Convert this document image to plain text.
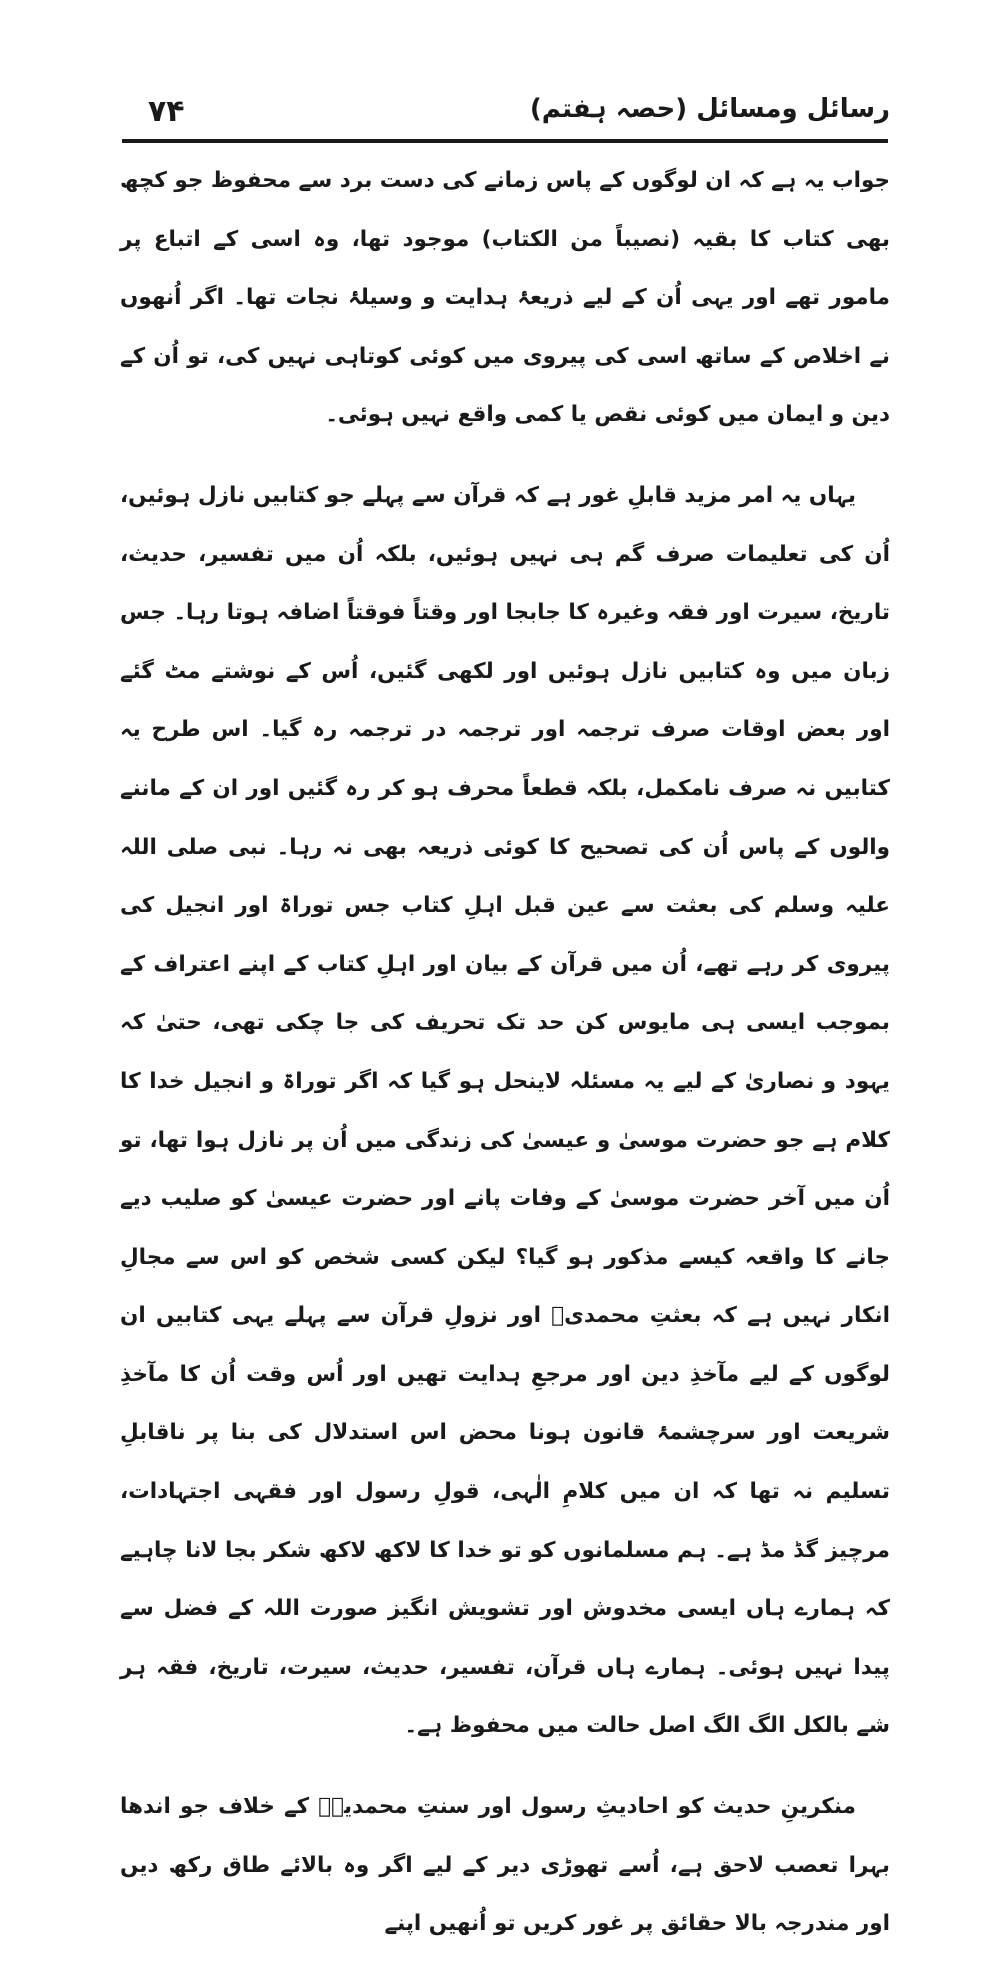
۷۴	رسائل ومسائل (حصہ ہفتم)

جواب یہ ہے کہ ان لوگوں کے پاس زمانے کی دست برد سے محفوظ جو کچھ بھی کتاب کا بقیہ (نصیباً من الکتاب) موجود تھا، وہ اسی کے اتباع پر مامور تھے اور یہی اُن کے لیے ذریعۂ ہدایت و وسیلۂ نجات تھا۔ اگر اُنھوں نے اخلاص کے ساتھ اسی کی پیروی میں کوئی کوتاہی نہیں کی، تو اُن کے دین و ایمان میں کوئی نقص یا کمی واقع نہیں ہوئی۔

یہاں یہ امر مزید قابلِ غور ہے کہ قرآن سے پہلے جو کتابیں نازل ہوئیں، اُن کی تعلیمات صرف گم ہی نہیں ہوئیں، بلکہ اُن میں تفسیر، حدیث، تاریخ، سیرت اور فقہ وغیرہ کا جابجا اور وقتاً فوقتاً اضافہ ہوتا رہا۔ جس زبان میں وہ کتابیں نازل ہوئیں اور لکھی گئیں، اُس کے نوشتے مٹ گئے اور بعض اوقات صرف ترجمہ اور ترجمہ در ترجمہ رہ گیا۔ اس طرح یہ کتابیں نہ صرف نامکمل، بلکہ قطعاً محرف ہو کر رہ گئیں اور ان کے ماننے والوں کے پاس اُن کی تصحیح کا کوئی ذریعہ بھی نہ رہا۔ نبی صلی اللہ علیہ وسلم کی بعثت سے عین قبل اہلِ کتاب جس توراۃ اور انجیل کی پیروی کر رہے تھے، اُن میں قرآن کے بیان اور اہلِ کتاب کے اپنے اعتراف کے بموجب ایسی ہی مایوس کن حد تک تحریف کی جا چکی تھی، حتیٰ کہ یہود و نصاریٰ کے لیے یہ مسئلہ لاینحل ہو گیا کہ اگر توراۃ و انجیل خدا کا کلام ہے جو حضرت موسیٰ و عیسیٰ کی زندگی میں اُن پر نازل ہوا تھا، تو اُن میں آخر حضرت موسیٰ کے وفات پانے اور حضرت عیسیٰ کو صلیب دیے جانے کا واقعہ کیسے مذکور ہو گیا؟ لیکن کسی شخص کو اس سے مجالِ انکار نہیں ہے کہ بعثتِ محمدیؐ اور نزولِ قرآن سے پہلے یہی کتابیں ان لوگوں کے لیے مآخذِ دین اور مرجعِ ہدایت تھیں اور اُس وقت اُن کا مآخذِ شریعت اور سرچشمۂ قانون ہونا محض اس استدلال کی بنا پر ناقابلِ تسلیم نہ تھا کہ ان میں کلامِ الٰہی، قولِ رسول اور فقہی اجتہادات، مرچیز گڈ مڈ ہے۔ ہم مسلمانوں کو تو خدا کا لاکھ لاکھ شکر بجا لانا چاہیے کہ ہمارے ہاں ایسی مخدوش اور تشویش انگیز صورت اللہ کے فضل سے پیدا نہیں ہوئی۔ ہمارے ہاں قرآن، تفسیر، حدیث، سیرت، تاریخ، فقہ ہر شے بالکل الگ الگ اصل حالت میں محفوظ ہے۔

منکرینِ حدیث کو احادیثِ رسول اور سنتِ محمدیہؐ کے خلاف جو اندھا بہرا تعصب لاحق ہے، اُسے تھوڑی دیر کے لیے اگر وہ بالائے طاق رکھ دیں اور مندرجہ بالا حقائق پر غور کریں تو اُنھیں اپنے
